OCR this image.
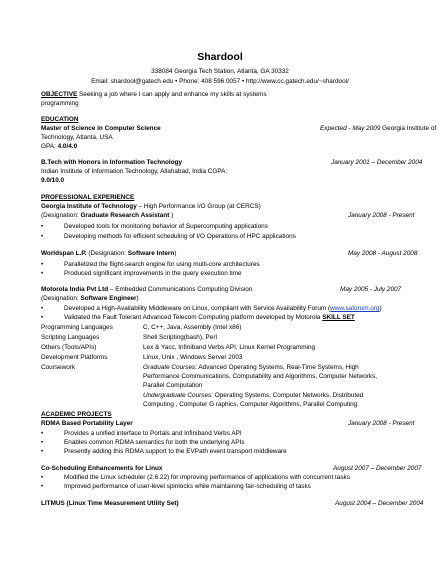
Shardool
338084 Georgia Tech Station, Atlanta, GA 30332
Email: shardool@gatech.edu • Phone: 408 596 0057 • http://www.cc.gatech.edu/~shardool/
OBJECTIVE Seeking a job where I can apply and enhance my skills at systems
programming
EDUCATION
Master of Science in Computer Science	Expected - May 2009 Georgia Institute of
Technology, Atlanta, USA
GPA: 4.0/4.0
B.Tech with Honors in Information Technology	January 2001 – December 2004
Indian Institute of Information Technology, Allahabad, India CGPA:
9.0/10.0
PROFESSIONAL EXPERIENCE
Georgia Institute of Technology – High Performance I/O Group (at CERCS)
(Designation: Graduate Research Assistant )	January 2008 - Present
• Developed tools for monitoring behavior of Supercomputing applications
• Developing methods for efficient scheduling of I/O Operations of HPC applications
Worldspan L.P. (Designation: Software Intern)	May 2008 - August 2008
• Parallelized the flight-search engine for using multi-core architectures
• Produced significant improvements in the query execution time
Motorola India Pvt Ltd – Embedded Communications Computing Division	May 2005 - July 2007
(Designation: Software Engineer)
• Developed a High-Availability Middleware on Linux, compliant with Service Availability Forum (www.saforum.org)
• Validated the Fault Tolerant Advanced Telecom Computing platform developed by Motorola SKILL SET
Programming Languages	C, C++, Java, Assembly (Intel x86)
Scripting Languages	Shell Scripting(bash), Perl
Others (Tools/APIs)	Lex & Yacc, Infiniband Verbs API, Linux Kernel Programming
Development Platforms	Linux, Unix , Windows Server 2003
Coursework	Graduate Courses: Advanced Operating Systems, Real-Time Systems, High
Performance Communications, Computability and Algorithms, Computer Networks,
Parallel Computation
Undergraduate Courses: Operating Systems, Computer Networks, Distributed
Computing , Computer G raphics, Computer Algorithms, Parallel Computing
ACADEMIC PROJECTS
RDMA Based Portability Layer	January 2008 - Present
• Provides a unified interface to Portals and Infiniband Verbs API
• Enables common RDMA semantics for both the underlying APIs
• Presently adding this RDMA support to the EVPath event transport middleware
Co-Scheduling Enhancements for Linux	August 2007 – December 2007
• Modified the Linux scheduler (2.6.22) for improving performance of applications with concurrent tasks
• Improved performance of user-level spinlocks while maintaining fair-scheduling of tasks
LITMUS (Linux Time Measurement Utility Set)	August 2004 – December 2004
